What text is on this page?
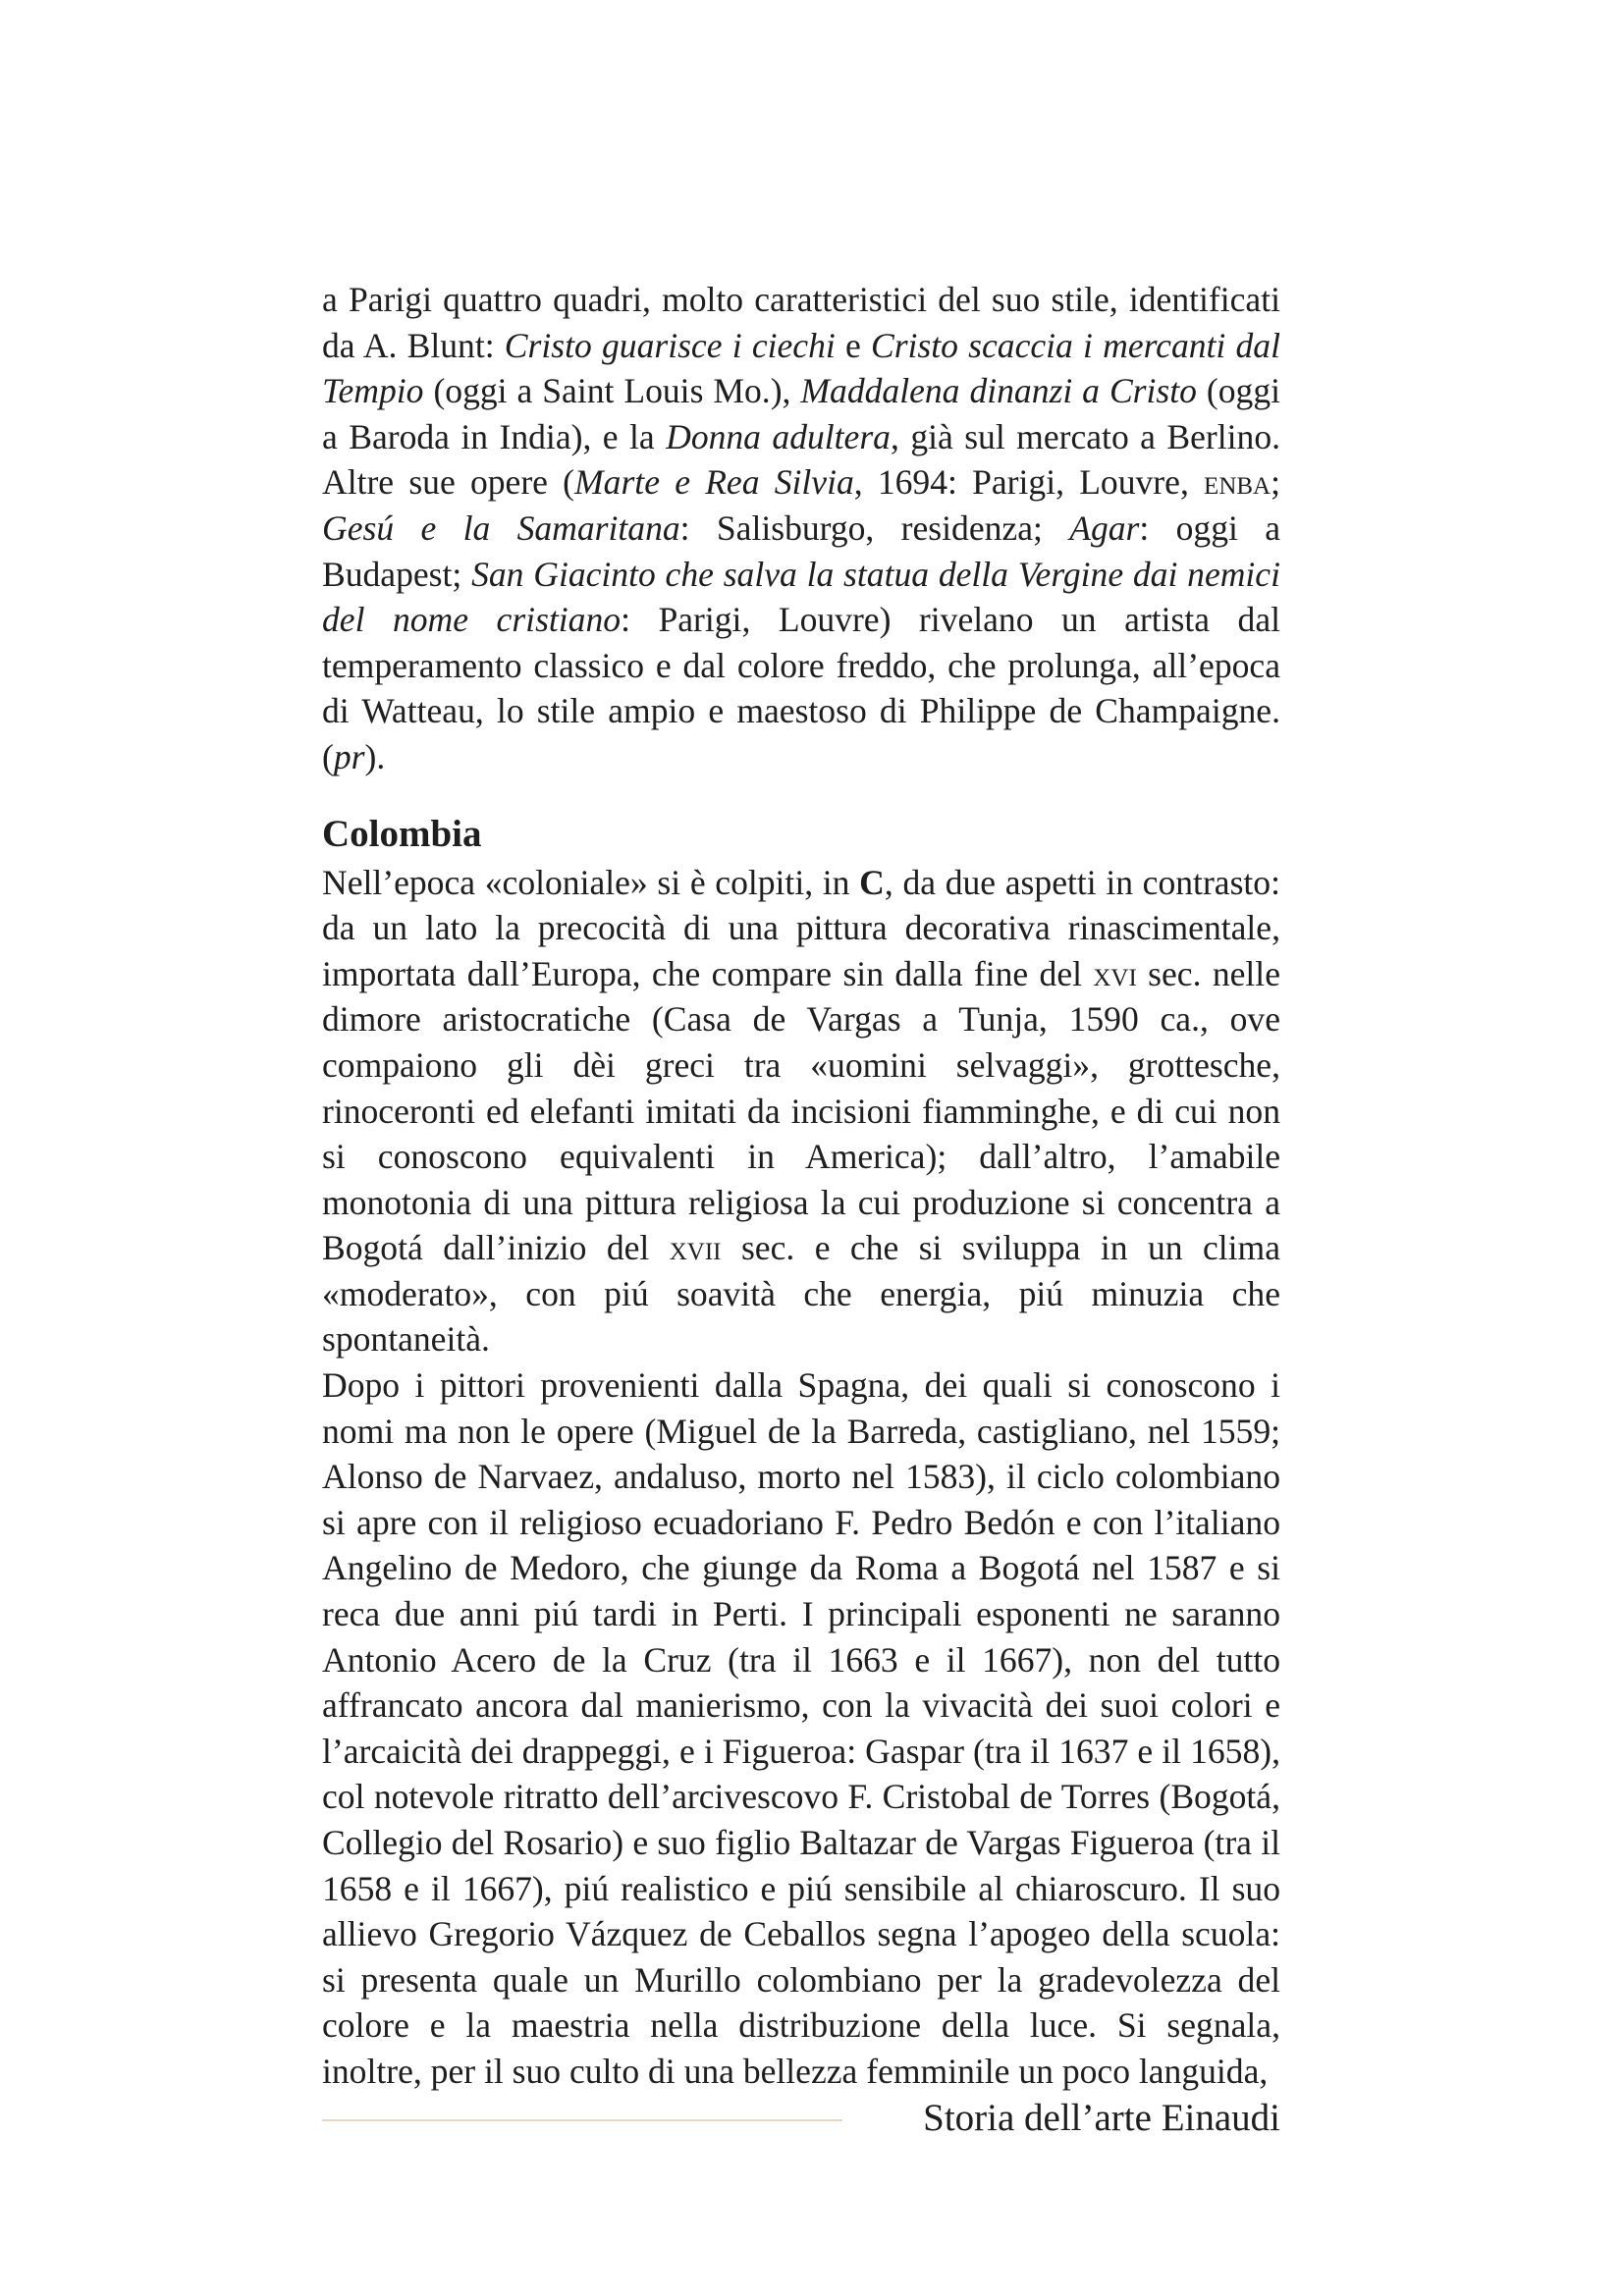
a Parigi quattro quadri, molto caratteristici del suo stile, identificati da A. Blunt: Cristo guarisce i ciechi e Cristo scaccia i mercanti dal Tempio (oggi a Saint Louis Mo.), Maddalena dinanzi a Cristo (oggi a Baroda in India), e la Donna adultera, già sul mercato a Berlino. Altre sue opere (Marte e Rea Silvia, 1694: Parigi, Louvre, enba; Gesú e la Samaritana: Salisburgo, residenza; Agar: oggi a Budapest; San Giacinto che salva la statua della Vergine dai nemici del nome cristiano: Parigi, Louvre) rivelano un artista dal temperamento classico e dal colore freddo, che prolunga, all’epoca di Watteau, lo stile ampio e maestoso di Philippe de Champaigne. (pr).

Colombia

Nell’epoca «coloniale» si è colpiti, in C, da due aspetti in contrasto: da un lato la precocità di una pittura decorativa rinascimentale, importata dall’Europa, che compare sin dalla fine del xvi sec. nelle dimore aristocratiche (Casa de Vargas a Tunja, 1590 ca., ove compaiono gli dèi greci tra «uomini selvaggi», grottesche, rinoceronti ed elefanti imitati da incisioni fiamminghe, e di cui non si conoscono equivalenti in America); dall’altro, l’amabile monotonia di una pittura religiosa la cui produzione si concentra a Bogotá dall’inizio del xvii sec. e che si sviluppa in un clima «moderato», con piú soavità che energia, piú minuzia che spontaneità.

Dopo i pittori provenienti dalla Spagna, dei quali si conoscono i nomi ma non le opere (Miguel de la Barreda, castigliano, nel 1559; Alonso de Narvaez, andaluso, morto nel 1583), il ciclo colombiano si apre con il religioso ecuadoriano F. Pedro Bedón e con l’italiano Angelino de Medoro, che giunge da Roma a Bogotá nel 1587 e si reca due anni piú tardi in Perti. I principali esponenti ne saranno Antonio Acero de la Cruz (tra il 1663 e il 1667), non del tutto affrancato ancora dal manierismo, con la vivacità dei suoi colori e l’arcaicità dei drappeggi, e i Figueroa: Gaspar (tra il 1637 e il 1658), col notevole ritratto dell’arcivescovo F. Cristobal de Torres (Bogotá, Collegio del Rosario) e suo figlio Baltazar de Vargas Figueroa (tra il 1658 e il 1667), piú realistico e piú sensibile al chiaroscuro. Il suo allievo Gregorio Vázquez de Ceballos segna l’apogeo della scuola: si presenta quale un Murillo colombiano per la gradevolezza del colore e la maestria nella distribuzione della luce. Si segnala, inoltre, per il suo culto di una bellezza femminile un poco languida,

Storia dell’arte Einaudi
